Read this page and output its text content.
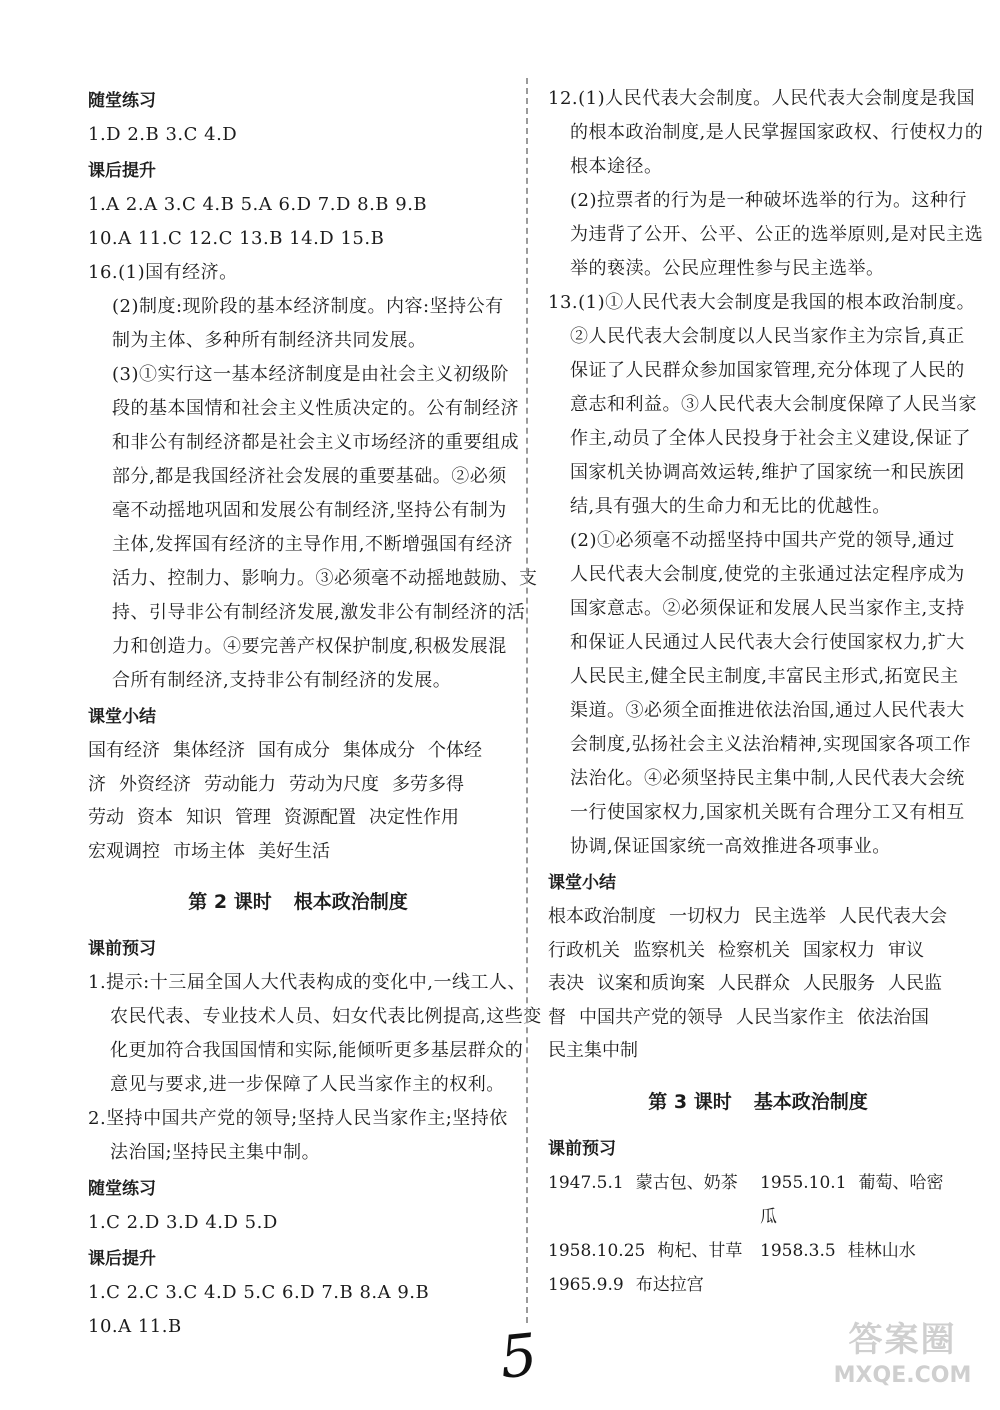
随堂练习
1.D 2.B 3.C 4.D
课后提升
1.A 2.A 3.C 4.B 5.A 6.D 7.D 8.B 9.B
10.A 11.C 12.C 13.B 14.D 15.B
16.(1)国有经济。
(2)制度:现阶段的基本经济制度。内容:坚持公有
制为主体、多种所有制经济共同发展。
(3)①实行这一基本经济制度是由社会主义初级阶
段的基本国情和社会主义性质决定的。公有制经济
和非公有制经济都是社会主义市场经济的重要组成
部分,都是我国经济社会发展的重要基础。②必须
毫不动摇地巩固和发展公有制经济,坚持公有制为
主体,发挥国有经济的主导作用,不断增强国有经济
活力、控制力、影响力。③必须毫不动摇地鼓励、支
持、引导非公有制经济发展,激发非公有制经济的活
力和创造力。④要完善产权保护制度,积极发展混
合所有制经济,支持非公有制经济的发展。
课堂小结
国有经济 集体经济 国有成分 集体成分 个体经
济 外资经济 劳动能力 劳动为尺度 多劳多得
劳动 资本 知识 管理 资源配置 决定性作用
宏观调控 市场主体 美好生活
第 2 课时 根本政治制度
课前预习
1.提示:十三届全国人大代表构成的变化中,一线工人、
农民代表、专业技术人员、妇女代表比例提高,这些变
化更加符合我国国情和实际,能倾听更多基层群众的
意见与要求,进一步保障了人民当家作主的权利。
2.坚持中国共产党的领导;坚持人民当家作主;坚持依
法治国;坚持民主集中制。
随堂练习
1.C 2.D 3.D 4.D 5.D
课后提升
1.C 2.C 3.C 4.D 5.C 6.D 7.B 8.A 9.B
10.A 11.B
12.(1)人民代表大会制度。人民代表大会制度是我国
的根本政治制度,是人民掌握国家政权、行使权力的
根本途径。
(2)拉票者的行为是一种破坏选举的行为。这种行
为违背了公开、公平、公正的选举原则,是对民主选
举的亵渎。公民应理性参与民主选举。
13.(1)①人民代表大会制度是我国的根本政治制度。
②人民代表大会制度以人民当家作主为宗旨,真正
保证了人民群众参加国家管理,充分体现了人民的
意志和利益。③人民代表大会制度保障了人民当家
作主,动员了全体人民投身于社会主义建设,保证了
国家机关协调高效运转,维护了国家统一和民族团
结,具有强大的生命力和无比的优越性。
(2)①必须毫不动摇坚持中国共产党的领导,通过
人民代表大会制度,使党的主张通过法定程序成为
国家意志。②必须保证和发展人民当家作主,支持
和保证人民通过人民代表大会行使国家权力,扩大
人民民主,健全民主制度,丰富民主形式,拓宽民主
渠道。③必须全面推进依法治国,通过人民代表大
会制度,弘扬社会主义法治精神,实现国家各项工作
法治化。④必须坚持民主集中制,人民代表大会统
一行使国家权力,国家机关既有合理分工又有相互
协调,保证国家统一高效推进各项事业。
课堂小结
根本政治制度 一切权力 民主选举 人民代表大会
行政机关 监察机关 检察机关 国家权力 审议
表决 议案和质询案 人民群众 人民服务 人民监
督 中国共产党的领导 人民当家作主 依法治国
民主集中制
第 3 课时 基本政治制度
课前预习
1947.5.1 蒙古包、奶茶	1955.10.1 葡萄、哈密瓜
1958.10.25 枸杞、甘草	1958.3.5 桂林山水
1965.9.9 布达拉宫
5	答案圈
MXQE.COM
